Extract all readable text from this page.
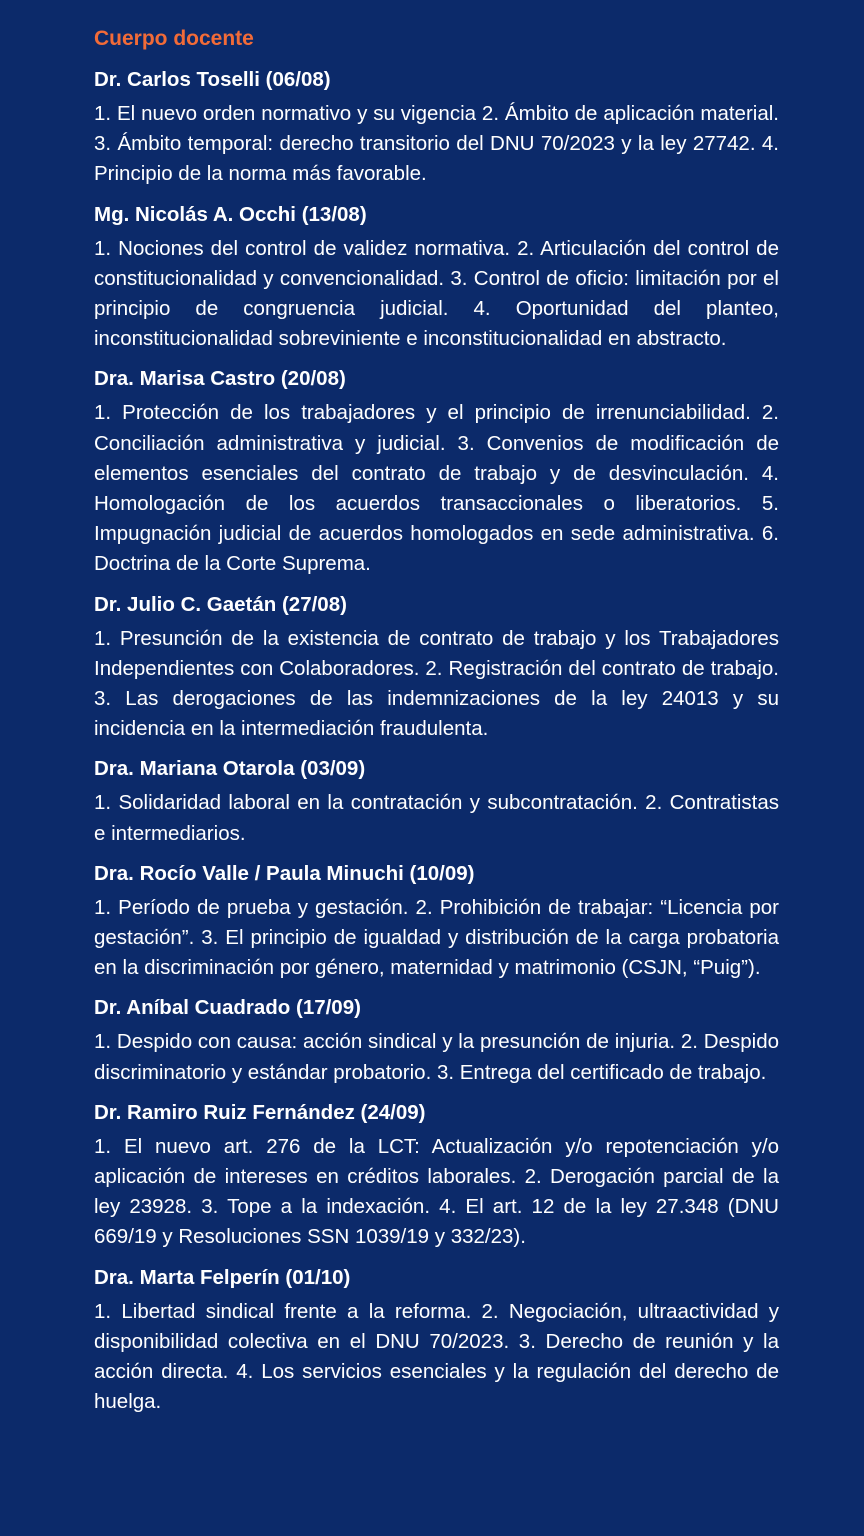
Cuerpo docente
Dr. Carlos Toselli (06/08)

1. El nuevo orden normativo y su vigencia 2. Ámbito de aplicación material. 3. Ámbito temporal: derecho transitorio del DNU 70/2023 y la ley 27742. 4. Principio de la norma más favorable.

Mg. Nicolás A. Occhi (13/08)

1. Nociones del control de validez normativa. 2. Articulación del control de constitucionalidad y convencionalidad. 3. Control de oficio: limitación por el principio de congruencia judicial. 4. Oportunidad del planteo, inconstitucionalidad sobreviniente e inconstitucionalidad en abstracto.

Dra. Marisa Castro (20/08)

1. Protección de los trabajadores y el principio de irrenunciabilidad. 2. Conciliación administrativa y judicial. 3. Convenios de modificación de elementos esenciales del contrato de trabajo y de desvinculación. 4. Homologación de los acuerdos transaccionales o liberatorios. 5. Impugnación judicial de acuerdos homologados en sede administrativa. 6. Doctrina de la Corte Suprema.

Dr. Julio C. Gaetán (27/08)

1. Presunción de la existencia de contrato de trabajo y los Trabajadores Independientes con Colaboradores. 2. Registración del contrato de trabajo. 3. Las derogaciones de las indemnizaciones de la ley 24013 y su incidencia en la intermediación fraudulenta.

Dra. Mariana Otarola (03/09)

1. Solidaridad laboral en la contratación y subcontratación. 2. Contratistas e intermediarios.

Dra. Rocío Valle / Paula Minuchi (10/09)

1. Período de prueba y gestación. 2. Prohibición de trabajar: “Licencia por gestación”. 3. El principio de igualdad y distribución de la carga probatoria en la discriminación por género, maternidad y matrimonio (CSJN, “Puig”).

Dr. Aníbal Cuadrado (17/09)

1. Despido con causa: acción sindical y la presunción de injuria. 2. Despido discriminatorio y estándar probatorio. 3. Entrega del certificado de trabajo.

Dr. Ramiro Ruiz Fernández (24/09)

1. El nuevo art. 276 de la LCT: Actualización y/o repotenciación y/o aplicación de intereses en créditos laborales. 2. Derogación parcial de la ley 23928. 3. Tope a la indexación. 4. El art. 12 de la ley 27.348 (DNU 669/19 y Resoluciones SSN 1039/19 y 332/23).

Dra. Marta Felperín (01/10)

1. Libertad sindical frente a la reforma. 2. Negociación, ultraactividad y disponibilidad colectiva en el DNU 70/2023. 3. Derecho de reunión y la acción directa. 4. Los servicios esenciales y la regulación del derecho de huelga.
